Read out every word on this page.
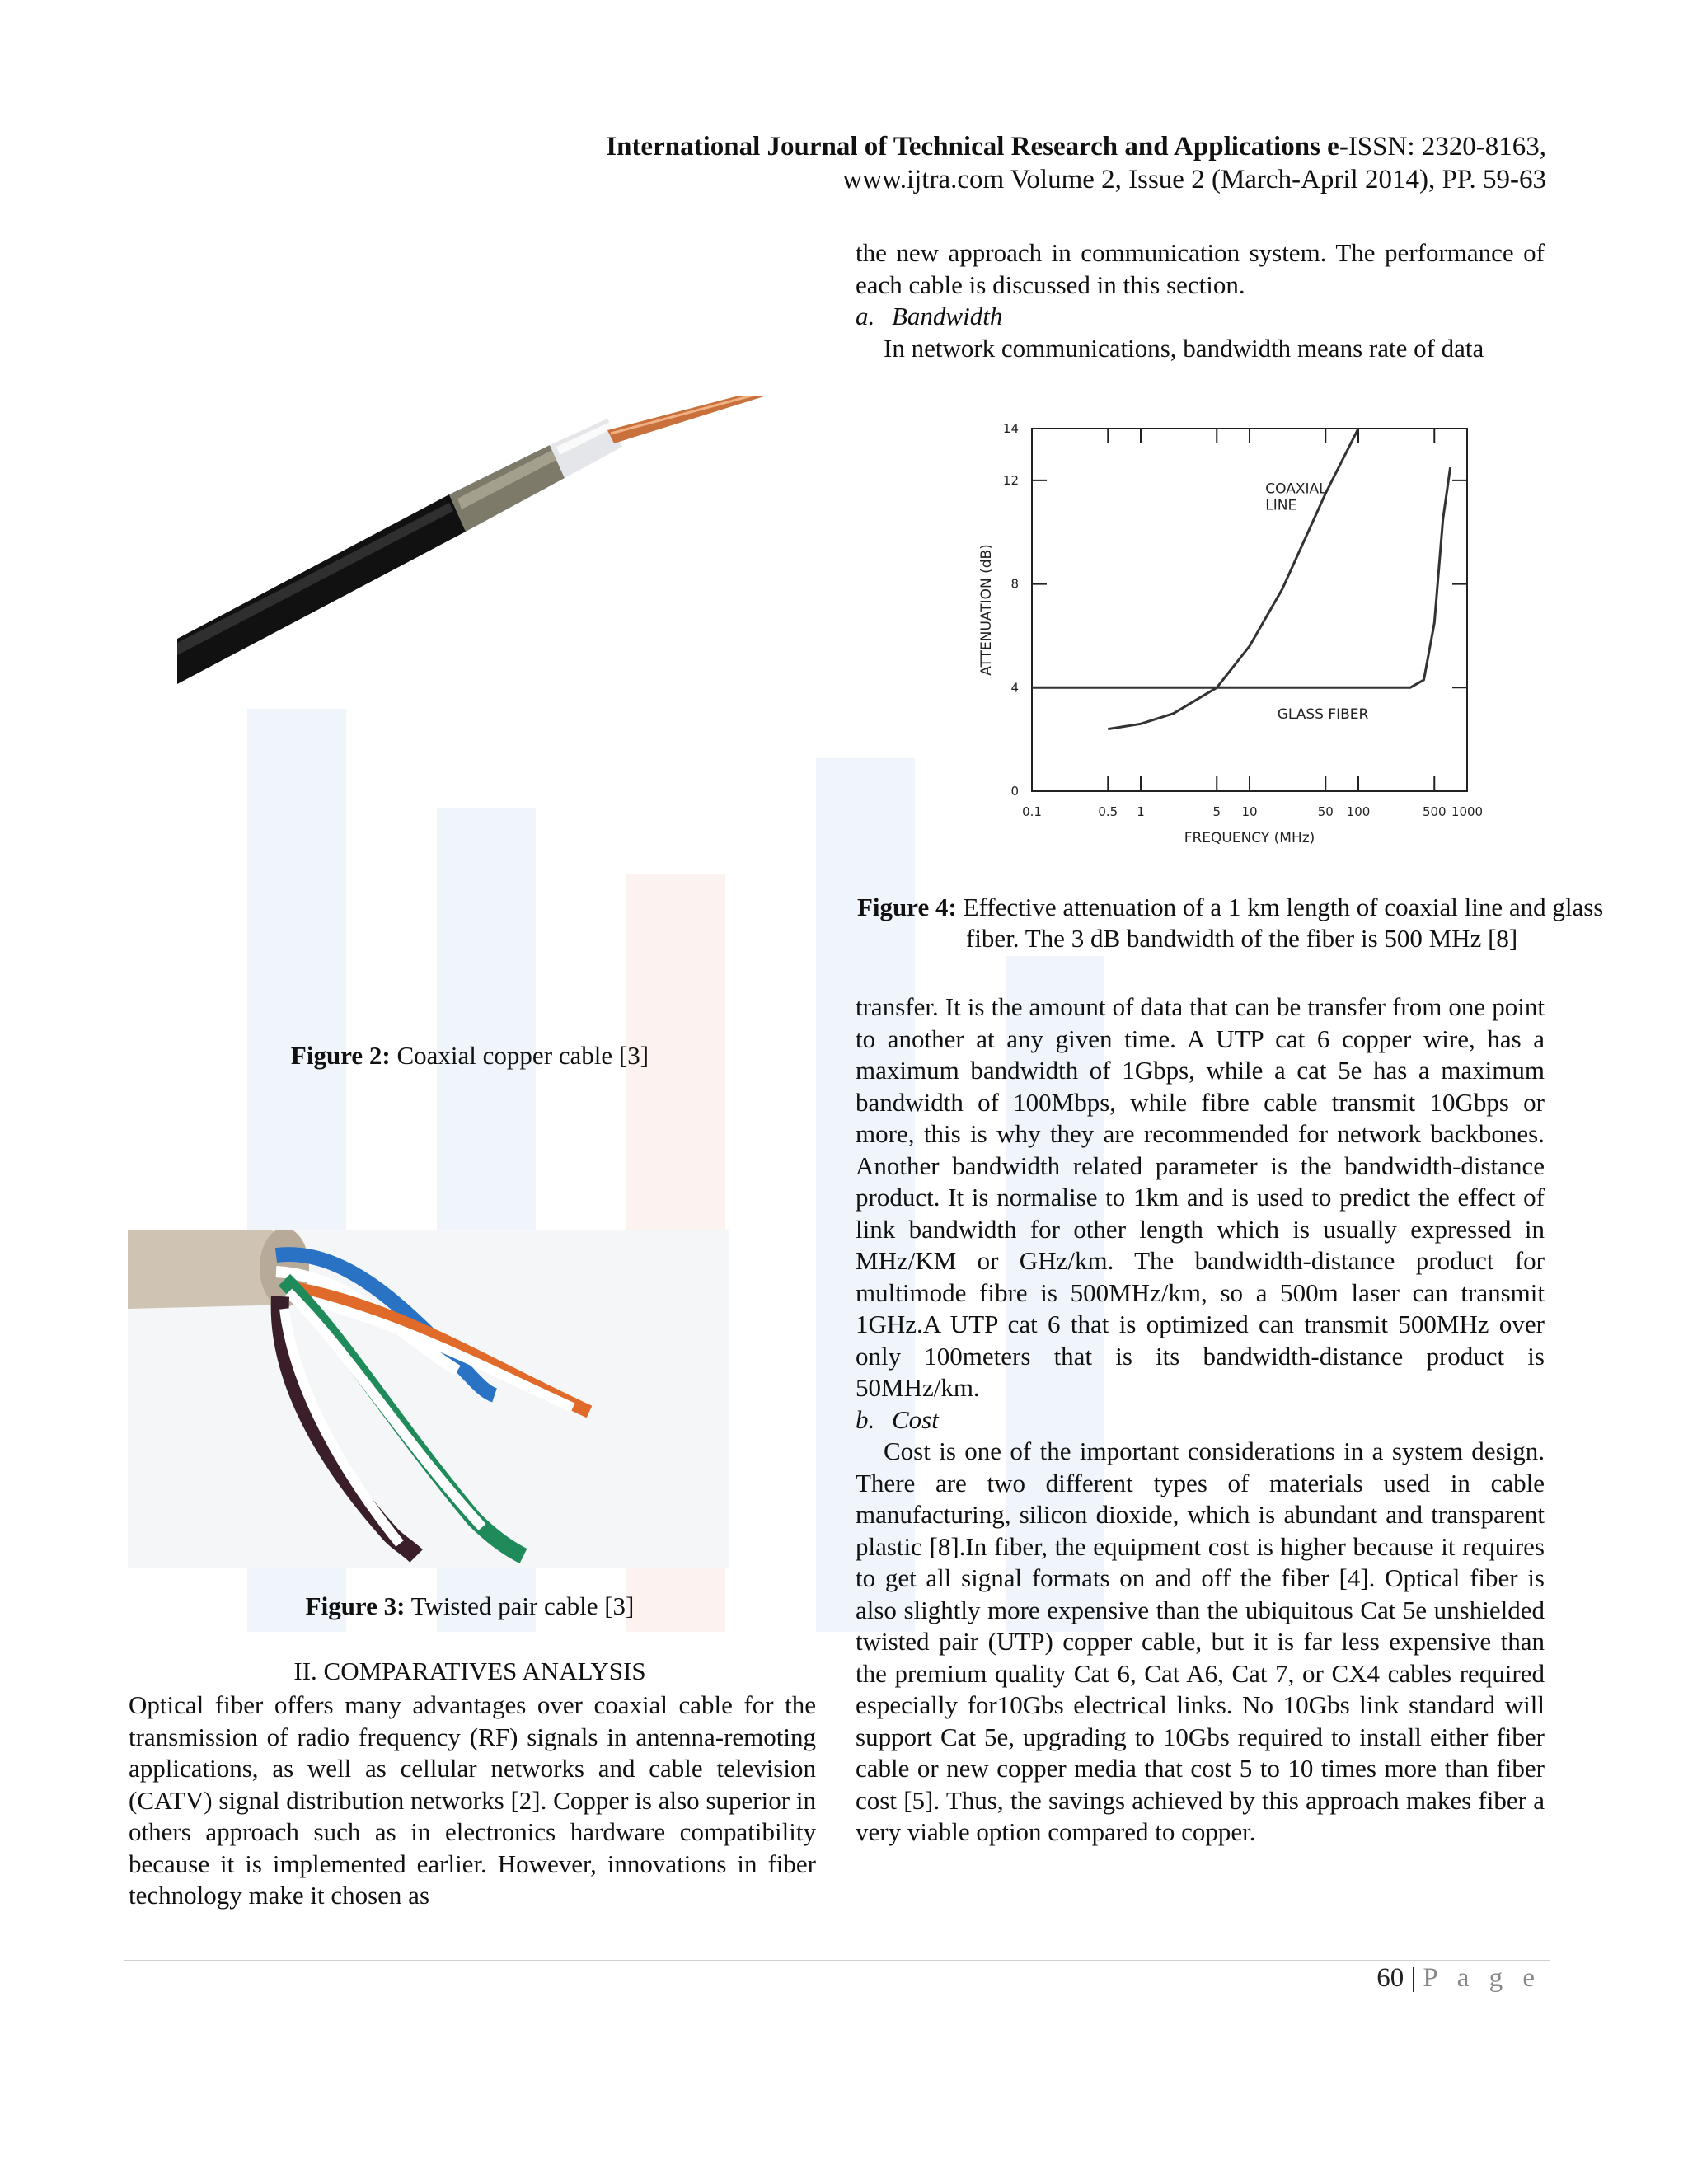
International Journal of Technical Research and Applications e-ISSN: 2320-8163,
www.ijtra.com Volume 2, Issue 2 (March-April 2014), PP. 59-63

the new approach in communication system. The performance of each cable is discussed in this section.

a. Bandwidth

In network communications, bandwidth means rate of data

Figure 2: Coaxial copper cable [3]
Figure 3: Twisted pair cable [3]
II. COMPARATIVES ANALYSIS
Optical fiber offers many advantages over coaxial cable for the transmission of radio frequency (RF) signals in antenna-remoting applications, as well as cellular networks and cable television (CATV) signal distribution networks [2]. Copper is also superior in others approach such as in electronics hardware compatibility because it is implemented earlier. However, innovations in fiber technology make it chosen as
0.1	0.5 1	5 10	50 100	500 1000
0
4
8
12
14
COAXIAL
LINE
GLASS FIBER
FREQUENCY (MHz)
ATTENUATION (dB)
Figure 4: Effective attenuation of a 1 km length of coaxial line and glass
fiber. The 3 dB bandwidth of the fiber is 500 MHz [8]

transfer. It is the amount of data that can be transfer from one point to another at any given time. A UTP cat 6 copper wire, has a maximum bandwidth of 1Gbps, while a cat 5e has a maximum bandwidth of 100Mbps, while fibre cable transmit 10Gbps or more, this is why they are recommended for network backbones. Another bandwidth related parameter is the bandwidth-distance product. It is normalise to 1km and is used to predict the effect of link bandwidth for other length which is usually expressed in MHz/KM or GHz/km. The bandwidth-distance product for multimode fibre is 500MHz/km, so a 500m laser can transmit 1GHz.A UTP cat 6 that is optimized can transmit 500MHz over only 100meters that is its bandwidth-distance product is 50MHz/km.

b. Cost

Cost is one of the important considerations in a system design. There are two different types of materials used in cable manufacturing, silicon dioxide, which is abundant and transparent plastic [8].In fiber, the equipment cost is higher because it requires to get all signal formats on and off the fiber [4]. Optical fiber is also slightly more expensive than the ubiquitous Cat 5e unshielded twisted pair (UTP) copper cable, but it is far less expensive than the premium quality Cat 6, Cat A6, Cat 7, or CX4 cables required especially for10Gbs electrical links. No 10Gbs link standard will support Cat 5e, upgrading to 10Gbs required to install either fiber cable or new copper media that cost 5 to 10 times more than fiber cost [5]. Thus, the savings achieved by this approach makes fiber a very viable option compared to copper.

60 | P a g e
